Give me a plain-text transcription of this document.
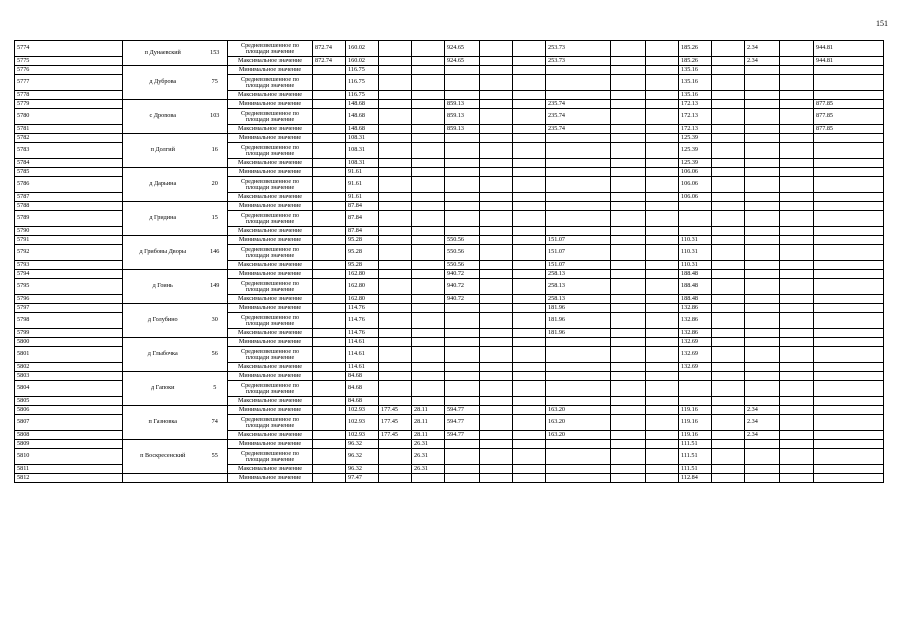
151
5774	п Дунаевский	153	Средневзвешенное по площади значение	872.74	160.02			924.65			253.73			185.26		2.34		944.81
5775			Максимальное значение	872.74	160.02			924.65			253.73			185.26		2.34		944.81
5776	д Дуброва	75	Минимальное значение		116.75									135.16				
5777			Средневзвешенное по площади значение		116.75									135.16				
5778			Максимальное значение		116.75									135.16				
5779	с Дроnова	103	Минимальное значение		148.68			859.13			235.74			172.13				877.85
5780			Средневзвешенное по площади значение		148.68			859.13			235.74			172.13				877.85
5781			Максимальное значение		148.68			859.13			235.74			172.13				877.85
5782	п Долгий	16	Минимальное значение		108.31									125.39				
5783			Средневзвешенное по площади значение		108.31									125.39				
5784			Максимальное значение		108.31									125.39				
5785	д Дарьина	20	Минимальное значение		91.61									106.06				
5786			Средневзвешенное по площади значение		91.61									106.06				
5787			Максимальное значение		91.61									106.06				
5788	д Гридина	15	Минимальное значение		87.84													
5789			Средневзвешенное по площади значение		87.84													
5790			Максимальное значение		87.84													
5791	д Грибовы Дворы	146	Минимальное значение		95.28			550.56			151.07			110.31				
5792			Средневзвешенное по площади значение		95.28			550.56			151.07			110.31				
5793			Максимальное значение		95.28			550.56			151.07			110.31				
5794	д Гоинь	149	Минимальное значение		162.80			940.72			258.13			188.48				
5795			Средневзвешенное по площади значение		162.80			940.72			258.13			188.48				
5796			Максимальное значение		162.80			940.72			258.13			188.48				
5797	д Голубино	30	Минимальное значение		114.76						181.96			132.86				
5798			Средневзвешенное по площади значение		114.76						181.96			132.86				
5799			Максимальное значение		114.76						181.96			132.86				
5800	д Глыбочка	56	Минимальное значение		114.61									132.69				
5801			Средневзвешенное по площади значение		114.61									132.69				
5802			Максимальное значение		114.61									132.69				
5803	д Гапоки	5	Минимальное значение		84.68													
5804			Средневзвешенное по площади значение		84.68													
5805			Максимальное значение		84.68													
5806	п Газновка	74	Минимальное значение		102.93	177.45	28.11	594.77			163.20			119.16		2.34		
5807			Средневзвешенное по площади значение		102.93	177.45	28.11	594.77			163.20			119.16		2.34		
5808			Максимальное значение		102.93	177.45	28.11	594.77			163.20			119.16		2.34		
5809	п Воскресенский	55	Минимальное значение		96.32		26.31							111.51				
5810			Средневзвешенное по площади значение		96.32		26.31							111.51				
5811			Максимальное значение		96.32		26.31							111.51				
5812			Минимальное значение		97.47									112.84				
